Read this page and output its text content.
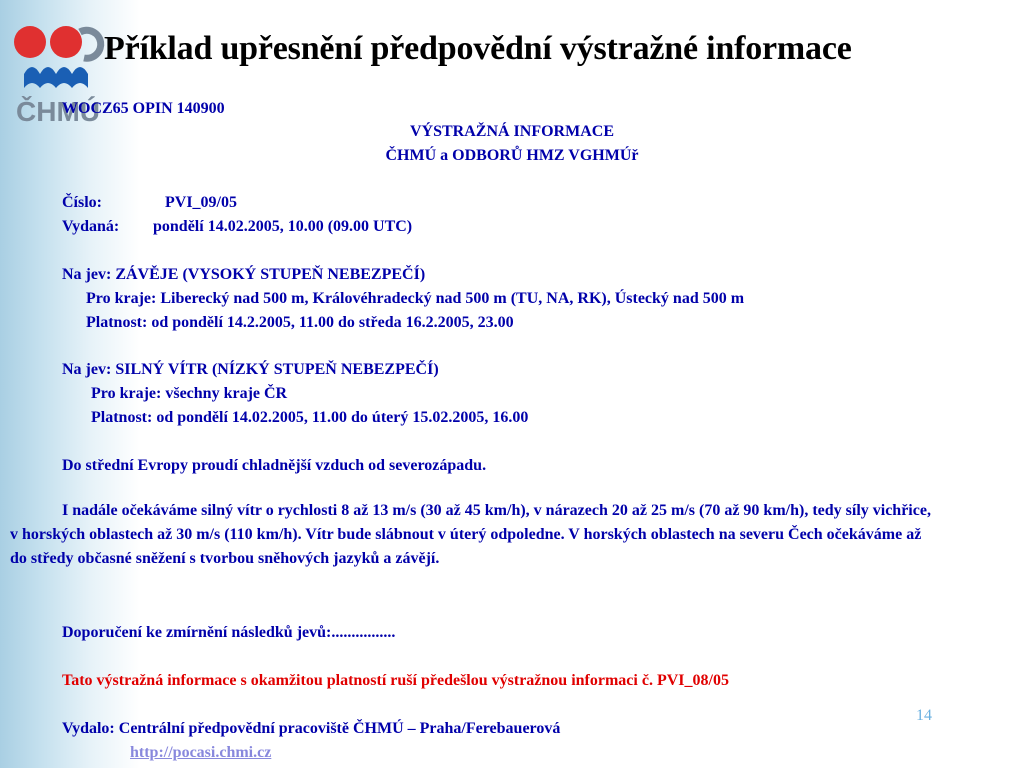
ČHMÚ
Příklad upřesnění předpovědní výstražné informace
WOCZ65 OPIN 140900
VÝSTRAŽNÁ INFORMACE
ČHMÚ a ODBORŮ HMZ VGHMÚř
Číslo:	PVI_09/05
Vydaná: pondělí 14.02.2005, 10.00 (09.00 UTC)
Na jev: ZÁVĚJE (VYSOKÝ STUPEŇ NEBEZPEČÍ)
Pro kraje: Liberecký nad 500 m, Královéhradecký nad 500 m (TU, NA, RK), Ústecký nad 500 m
Platnost: od pondělí 14.2.2005, 11.00 do středa 16.2.2005, 23.00
Na jev: SILNÝ VÍTR (NÍZKÝ STUPEŇ NEBEZPEČÍ)
Pro kraje: všechny kraje ČR
Platnost: od pondělí 14.02.2005, 11.00 do úterý 15.02.2005, 16.00
Do střední Evropy proudí chladnější vzduch od severozápadu.
I nadále očekáváme silný vítr o rychlosti 8 až 13 m/s (30 až 45 km/h), v nárazech 20 až 25 m/s (70 až 90 km/h), tedy síly vichřice, v horských oblastech až 30 m/s (110 km/h). Vítr bude slábnout v úterý odpoledne. V horských oblastech na severu Čech očekáváme až do středy občasné sněžení s tvorbou sněhových jazyků a závějí.
Doporučení ke zmírnění následků jevů:................
Tato výstražná informace s okamžitou platností ruší předešlou výstražnou informaci č. PVI_08/05
Vydalo: Centrální předpovědní pracoviště ČHMÚ – Praha/Ferebauerová
http://pocasi.chmi.cz
14
